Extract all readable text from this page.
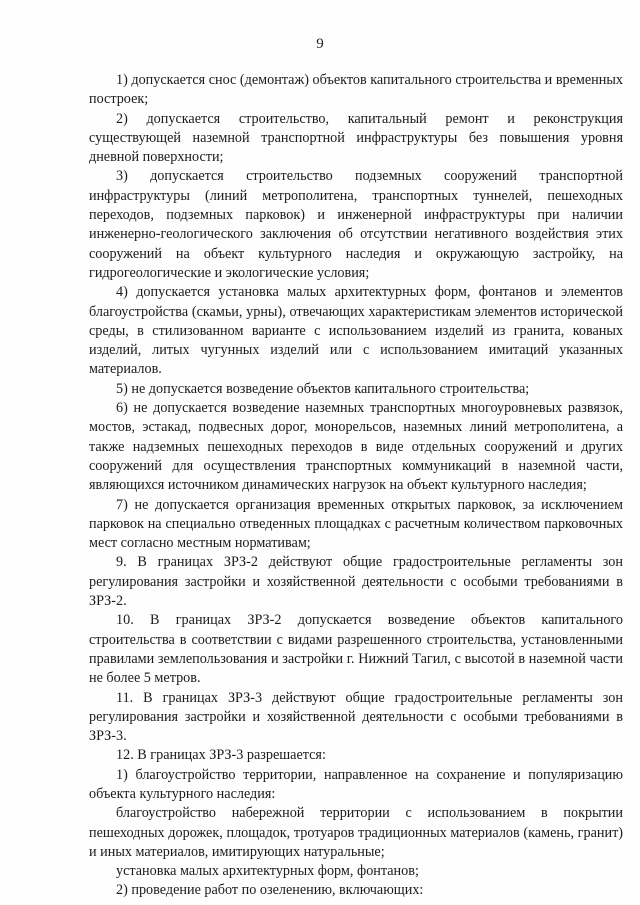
9

1) допускается снос (демонтаж) объектов капитального строительства и временных построек;

2) допускается строительство, капитальный ремонт и реконструкция существующей наземной транспортной инфраструктуры без повышения уровня дневной поверхности;

3) допускается строительство подземных сооружений транспортной инфраструктуры (линий метрополитена, транспортных туннелей, пешеходных переходов, подземных парковок) и инженерной инфраструктуры при наличии инженерно-геологического заключения об отсутствии негативного воздействия этих сооружений на объект культурного наследия и окружающую застройку, на гидрогеологические и экологические условия;

4) допускается установка малых архитектурных форм, фонтанов и элементов благоустройства (скамьи, урны), отвечающих характеристикам элементов исторической среды, в стилизованном варианте с использованием изделий из гранита, кованых изделий, литых чугунных изделий или с использованием имитаций указанных материалов.

5) не допускается возведение объектов капитального строительства;

6) не допускается возведение наземных транспортных многоуровневых развязок, мостов, эстакад, подвесных дорог, монорельсов, наземных линий метрополитена, а также надземных пешеходных переходов в виде отдельных сооружений и других сооружений для осуществления транспортных коммуникаций в наземной части, являющихся источником динамических нагрузок на объект культурного наследия;

7) не допускается организация временных открытых парковок, за исключением парковок на специально отведенных площадках с расчетным количеством парковочных мест согласно местным нормативам;

9. В границах ЗРЗ-2 действуют общие градостроительные регламенты зон регулирования застройки и хозяйственной деятельности с особыми требованиями в ЗРЗ-2.

10. В границах ЗРЗ-2 допускается возведение объектов капитального строительства в соответствии с видами разрешенного строительства, установленными правилами землепользования и застройки г. Нижний Тагил, с высотой в наземной части не более 5 метров.

11. В границах ЗРЗ-3 действуют общие градостроительные регламенты зон регулирования застройки и хозяйственной деятельности с особыми требованиями в ЗРЗ-3.

12. В границах ЗРЗ-3 разрешается:

1) благоустройство территории, направленное на сохранение и популяризацию объекта культурного наследия:

благоустройство набережной территории с использованием в покрытии пешеходных дорожек, площадок, тротуаров традиционных материалов (камень, гранит) и иных материалов, имитирующих натуральные;

установка малых архитектурных форм, фонтанов;

2) проведение работ по озеленению, включающих:
